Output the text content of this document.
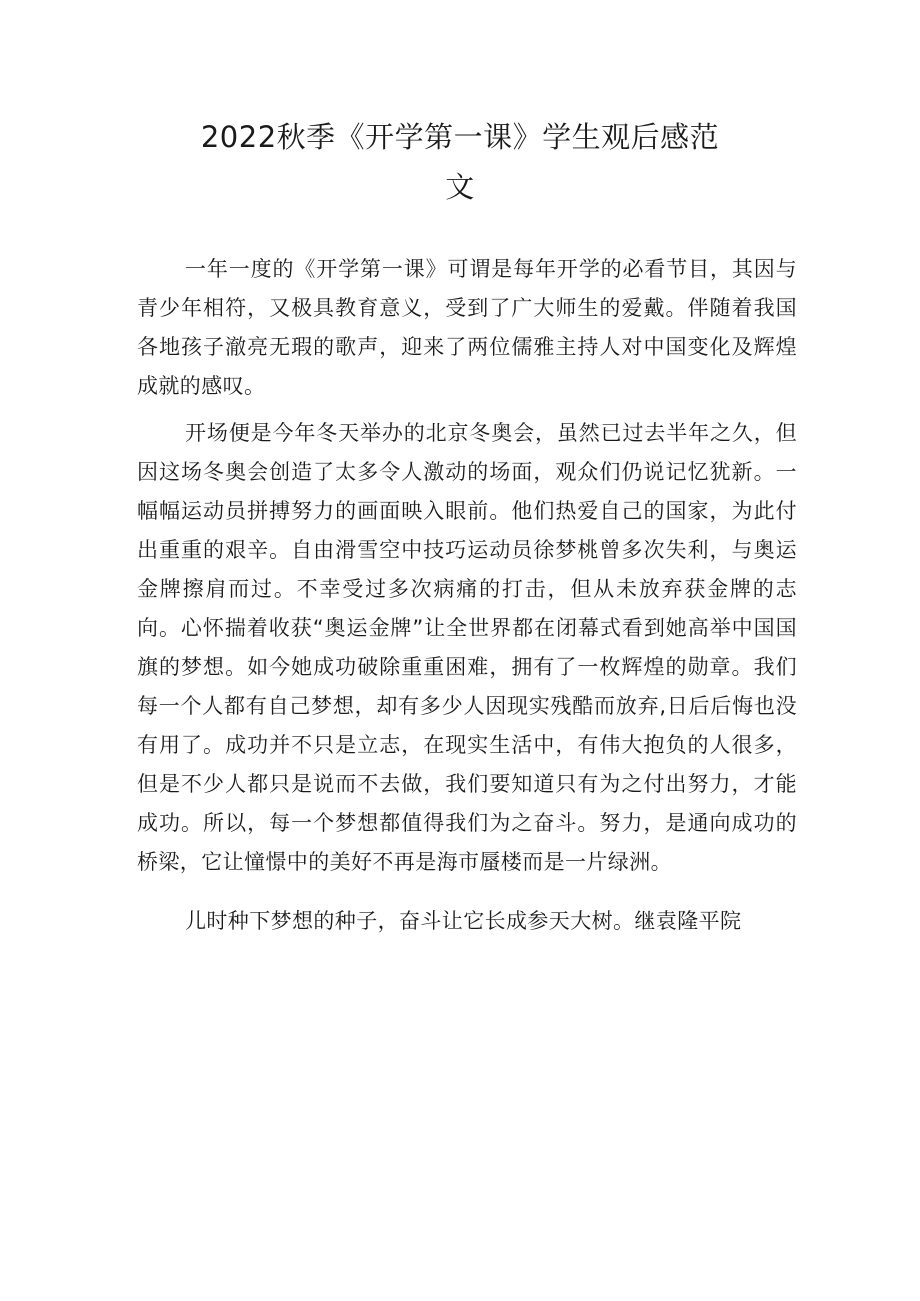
2022秋季《开学第一课》学生观后感范
文

一年一度的《开学第一课》可谓是每年开学的必看节目，其因与青少年相符，又极具教育意义，受到了广大师生的爱戴。伴随着我国各地孩子澈亮无瑕的歌声，迎来了两位儒雅主持人对中国变化及辉煌成就的感叹。

开场便是今年冬天举办的北京冬奥会，虽然已过去半年之久，但因这场冬奥会创造了太多令人激动的场面，观众们仍说记忆犹新。一幅幅运动员拼搏努力的画面映入眼前。他们热爱自己的国家，为此付出重重的艰辛。自由滑雪空中技巧运动员徐梦桃曾多次失利，与奥运金牌擦肩而过。不幸受过多次病痛的打击，但从未放弃获金牌的志向。心怀揣着收获“奥运金牌”让全世界都在闭幕式看到她高举中国国旗的梦想。如今她成功破除重重困难，拥有了一枚辉煌的勋章。我们每一个人都有自己梦想，却有多少人因现实残酷而放弃,日后后悔也没有用了。成功并不只是立志，在现实生活中，有伟大抱负的人很多，但是不少人都只是说而不去做，我们要知道只有为之付出努力，才能成功。所以，每一个梦想都值得我们为之奋斗。努力，是通向成功的桥梁，它让憧憬中的美好不再是海市蜃楼而是一片绿洲。

儿时种下梦想的种子，奋斗让它长成参天大树。继袁隆平院
